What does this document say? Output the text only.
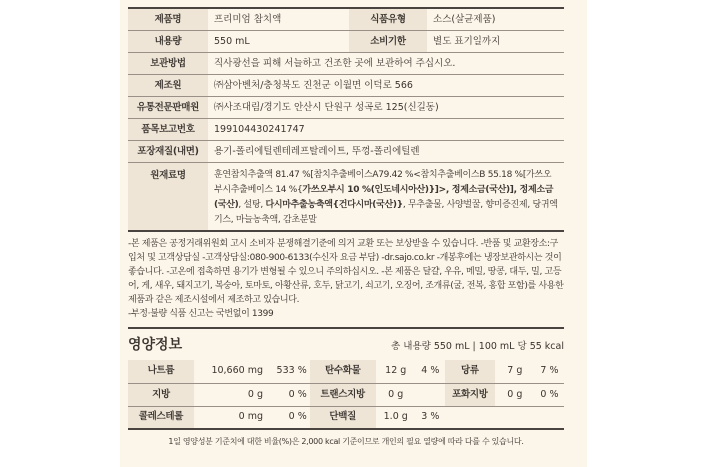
제품명	프리미엄 참치액	식품유형	소스(살균제품)
내용량	550 mL	소비기한	별도 표기일까지
보관방법	직사광선을 피해 서늘하고 건조한 곳에 보관하여 주십시오.		
제조원	㈜삼아벤처/충청북도 진천군 이월면 이덕로 566		
유통전문판매원	㈜사조대림/경기도 안산시 단원구 성곡로 125(신길동)		
품목보고번호	199104430241747		
포장재질(내면)	용기-폴리에틸렌테레프탈레이트, 뚜껑-폴리에틸렌		
원재료명	훈연참치추출액 81.47 %[참치추출베이스A79.42 %<참치추출베이스B 55.18 %[가쓰오부시추출베이스 14 %{가쓰오부시 10 %(인도네시아산)}]>, 정제소금(국산)], 정제소금(국산), 설탕, 다시마추출농축액{건다시마(국산)}, 무추출물, 사양벌꿀, 향미증진제, 당귀엑기스, 마늘농축액, 감초분말		
-본 제품은 공정거래위원회 고시 소비자 분쟁해결기준에 의거 교환 또는 보상받을 수 있습니다. -반품 및 교환장소:구입처 및 고객상담실 -고객상담실:080-900-6133(수신자 요금 부담) -dr.sajo.co.kr -개봉후에는 냉장보관하시는 것이 좋습니다. -고온에 접촉하면 용기가 변형될 수 있으니 주의하십시오. -본 제품은 달걀, 우유, 메밀, 땅콩, 대두, 밀, 고등어, 게, 새우, 돼지고기, 복숭아, 토마토, 아황산류, 호두, 닭고기, 쇠고기, 오징어, 조개류(굴, 전복, 홍합 포함)를 사용한 제품과 같은 제조시설에서 제조하고 있습니다.
-부정·불량 식품 신고는 국번없이 1399
영양정보	총 내용량 550 mL | 100 mL 당 55 kcal
나트륨	10,660 mg	533 %	탄수화물	12 g	4 %	당류	7 g	7 %
지방	0 g	0 %	트랜스지방	0 g		포화지방	0 g	0 %
콜레스테롤	0 mg	0 %	단백질	1.0 g	3 %			
1일 영양성분 기준치에 대한 비율(%)은 2,000 kcal 기준이므로 개인의 필요 열량에 따라 다를 수 있습니다.
